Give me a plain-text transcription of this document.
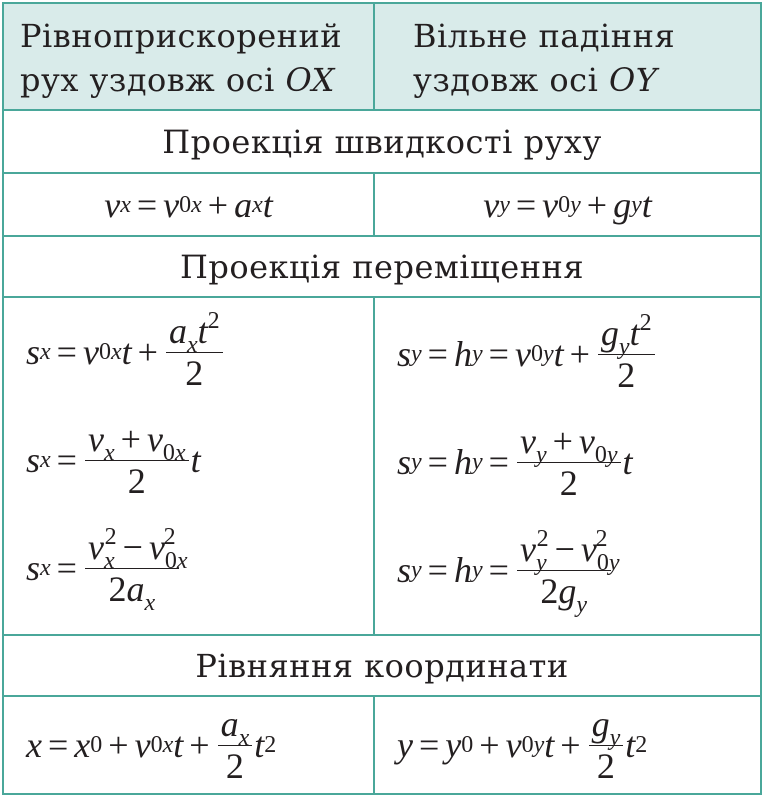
Рівноприскорений
рух уздовж осі OX
Вільне падіння
уздовж осі OY
Проекція швидкості руху
v x = v 0x + a x t	v y = v 0y + g y t
Проекція переміщення
s x = v 0x $t + \frac{a_xt^2}{2}$
s $x = \frac{v_x + v_{0x}}{2}$ t
s $x = \frac{v_x^2 - v_{0x}^2}{2a_x}$
s y = h y = v 0y $t + \frac{g_yt^2}{2}$
s y = h $y = \frac{v_y + v_{0y}}{2}$ t
s y = h $y = \frac{v_y^2 - v_{0y}^2}{2g_y}$
Рівняння координати
x = x 0 + v 0x $t + \frac{a_x}{2}$ t 2	y = y 0 + v 0y $t + \frac{g_y}{2}$ t 2
